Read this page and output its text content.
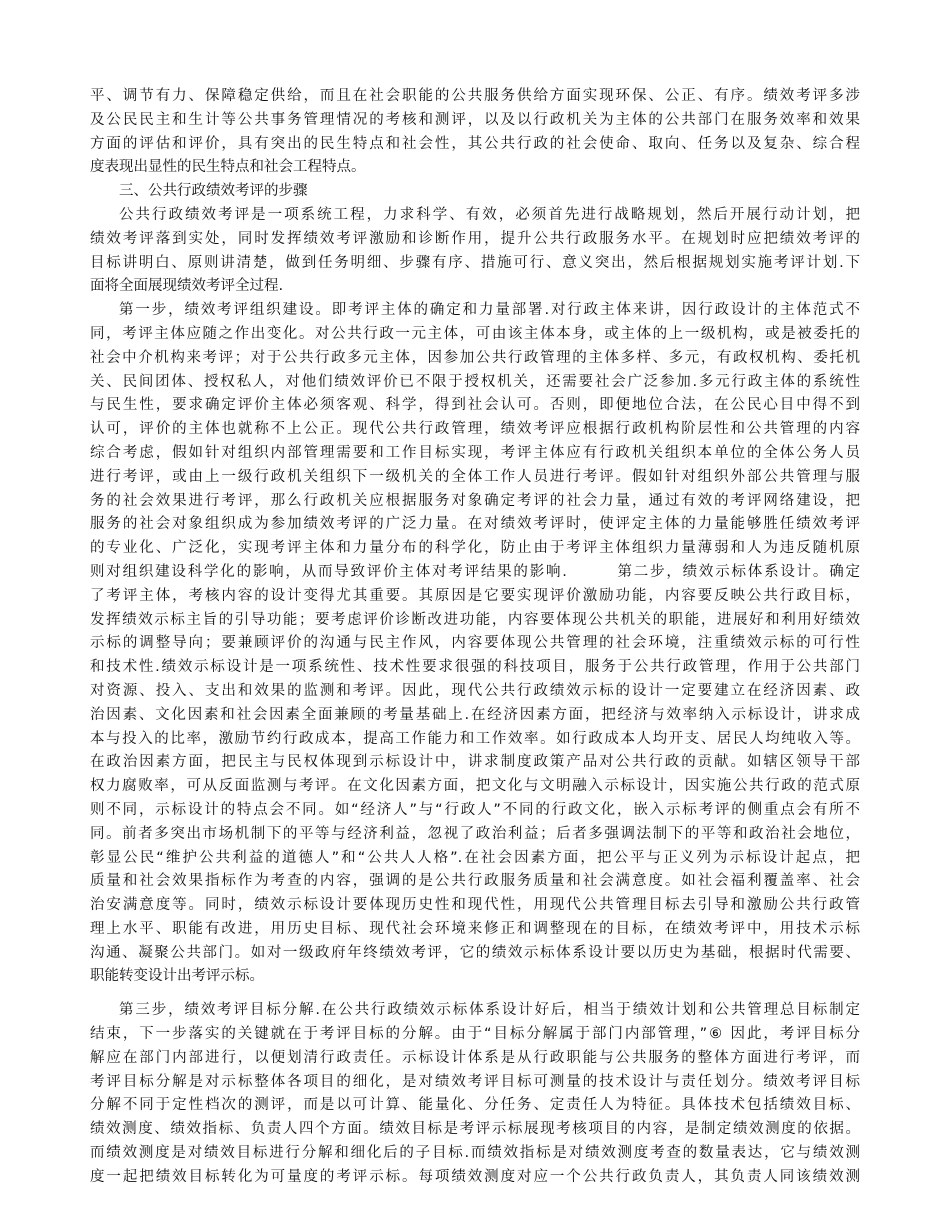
平、调节有力、保障稳定供给，而且在社会职能的公共服务供给方面实现环保、公正、有序。绩效考评多涉
及公民民主和生计等公共事务管理情况的考核和测评，以及以行政机关为主体的公共部门在服务效率和效果
方面的评估和评价，具有突出的民生特点和社会性，其公共行政的社会使命、取向、任务以及复杂、综合程
度表现出显性的民生特点和社会工程特点。
三、公共行政绩效考评的步骤
公共行政绩效考评是一项系统工程，力求科学、有效，必须首先进行战略规划，然后开展行动计划，把
绩效考评落到实处，同时发挥绩效考评激励和诊断作用，提升公共行政服务水平。在规划时应把绩效考评的
目标讲明白、原则讲清楚，做到任务明细、步骤有序、措施可行、意义突出，然后根据规划实施考评计划.下
面将全面展现绩效考评全过程.
第一步，绩效考评组织建设。即考评主体的确定和力量部署.对行政主体来讲，因行政设计的主体范式不
同，考评主体应随之作出变化。对公共行政一元主体，可由该主体本身，或主体的上一级机构，或是被委托的
社会中介机构来考评；对于公共行政多元主体，因参加公共行政管理的主体多样、多元，有政权机构、委托机
关、民间团体、授权私人，对他们绩效评价已不限于授权机关，还需要社会广泛参加.多元行政主体的系统性
与民生性，要求确定评价主体必须客观、科学，得到社会认可。否则，即便地位合法，在公民心目中得不到
认可，评价的主体也就称不上公正。现代公共行政管理，绩效考评应根据行政机构阶层性和公共管理的内容
综合考虑，假如针对组织内部管理需要和工作目标实现，考评主体应有行政机关组织本单位的全体公务人员
进行考评，或由上一级行政机关组织下一级机关的全体工作人员进行考评。假如针对组织外部公共管理与服
务的社会效果进行考评，那么行政机关应根据服务对象确定考评的社会力量，通过有效的考评网络建设，把
服务的社会对象组织成为参加绩效考评的广泛力量。在对绩效考评时，使评定主体的力量能够胜任绩效考评
的专业化、广泛化，实现考评主体和力量分布的科学化，防止由于考评主体组织力量薄弱和人为违反随机原
则对组织建设科学化的影响，从而导致评价主体对考评结果的影响.　　　第二步，绩效示标体系设计。确定
了考评主体，考核内容的设计变得尤其重要。其原因是它要实现评价激励功能，内容要反映公共行政目标，
发挥绩效示标主旨的引导功能；要考虑评价诊断改进功能，内容要体现公共机关的职能，进展好和利用好绩效
示标的调整导向；要兼顾评价的沟通与民主作风，内容要体现公共管理的社会环境，注重绩效示标的可行性
和技术性.绩效示标设计是一项系统性、技术性要求很强的科技项目，服务于公共行政管理，作用于公共部门
对资源、投入、支出和效果的监测和考评。因此，现代公共行政绩效示标的设计一定要建立在经济因素、政
治因素、文化因素和社会因素全面兼顾的考量基础上.在经济因素方面，把经济与效率纳入示标设计，讲求成
本与投入的比率，激励节约行政成本，提高工作能力和工作效率。如行政成本人均开支、居民人均纯收入等。
在政治因素方面，把民主与民权体现到示标设计中，讲求制度政策产品对公共行政的贡献。如辖区领导干部
权力腐败率，可从反面监测与考评。在文化因素方面，把文化与文明融入示标设计，因实施公共行政的范式原
则不同，示标设计的特点会不同。如“经济人”与“行政人”不同的行政文化，嵌入示标考评的侧重点会有所不
同。前者多突出市场机制下的平等与经济利益，忽视了政治利益；后者多强调法制下的平等和政治社会地位，
彰显公民“维护公共利益的道德人”和“公共人人格”.在社会因素方面，把公平与正义列为示标设计起点，把
质量和社会效果指标作为考查的内容，强调的是公共行政服务质量和社会满意度。如社会福利覆盖率、社会
治安满意度等。同时，绩效示标设计要体现历史性和现代性，用现代公共管理目标去引导和激励公共行政管
理上水平、职能有改进，用历史目标、现代社会环境来修正和调整现在的目标，在绩效考评中，用技术示标
沟通、凝聚公共部门。如对一级政府年终绩效考评，它的绩效示标体系设计要以历史为基础，根据时代需要、
职能转变设计出考评示标。
第三步，绩效考评目标分解.在公共行政绩效示标体系设计好后，相当于绩效计划和公共管理总目标制定
结束，下一步落实的关键就在于考评目标的分解。由于“目标分解属于部门内部管理，”⑥ 因此，考评目标分
解应在部门内部进行，以便划清行政责任。示标设计体系是从行政职能与公共服务的整体方面进行考评，而
考评目标分解是对示标整体各项目的细化，是对绩效考评目标可测量的技术设计与责任划分。绩效考评目标
分解不同于定性档次的测评，而是以可计算、能量化、分任务、定责任人为特征。具体技术包括绩效目标、
绩效测度、绩效指标、负责人四个方面。绩效目标是考评示标展现考核项目的内容，是制定绩效测度的依据。
而绩效测度是对绩效目标进行分解和细化后的子目标.而绩效指标是对绩效测度考查的数量表达，它与绩效测
度一起把绩效目标转化为可量度的考评示标。每项绩效测度对应一个公共行政负责人，其负责人同该绩效测
